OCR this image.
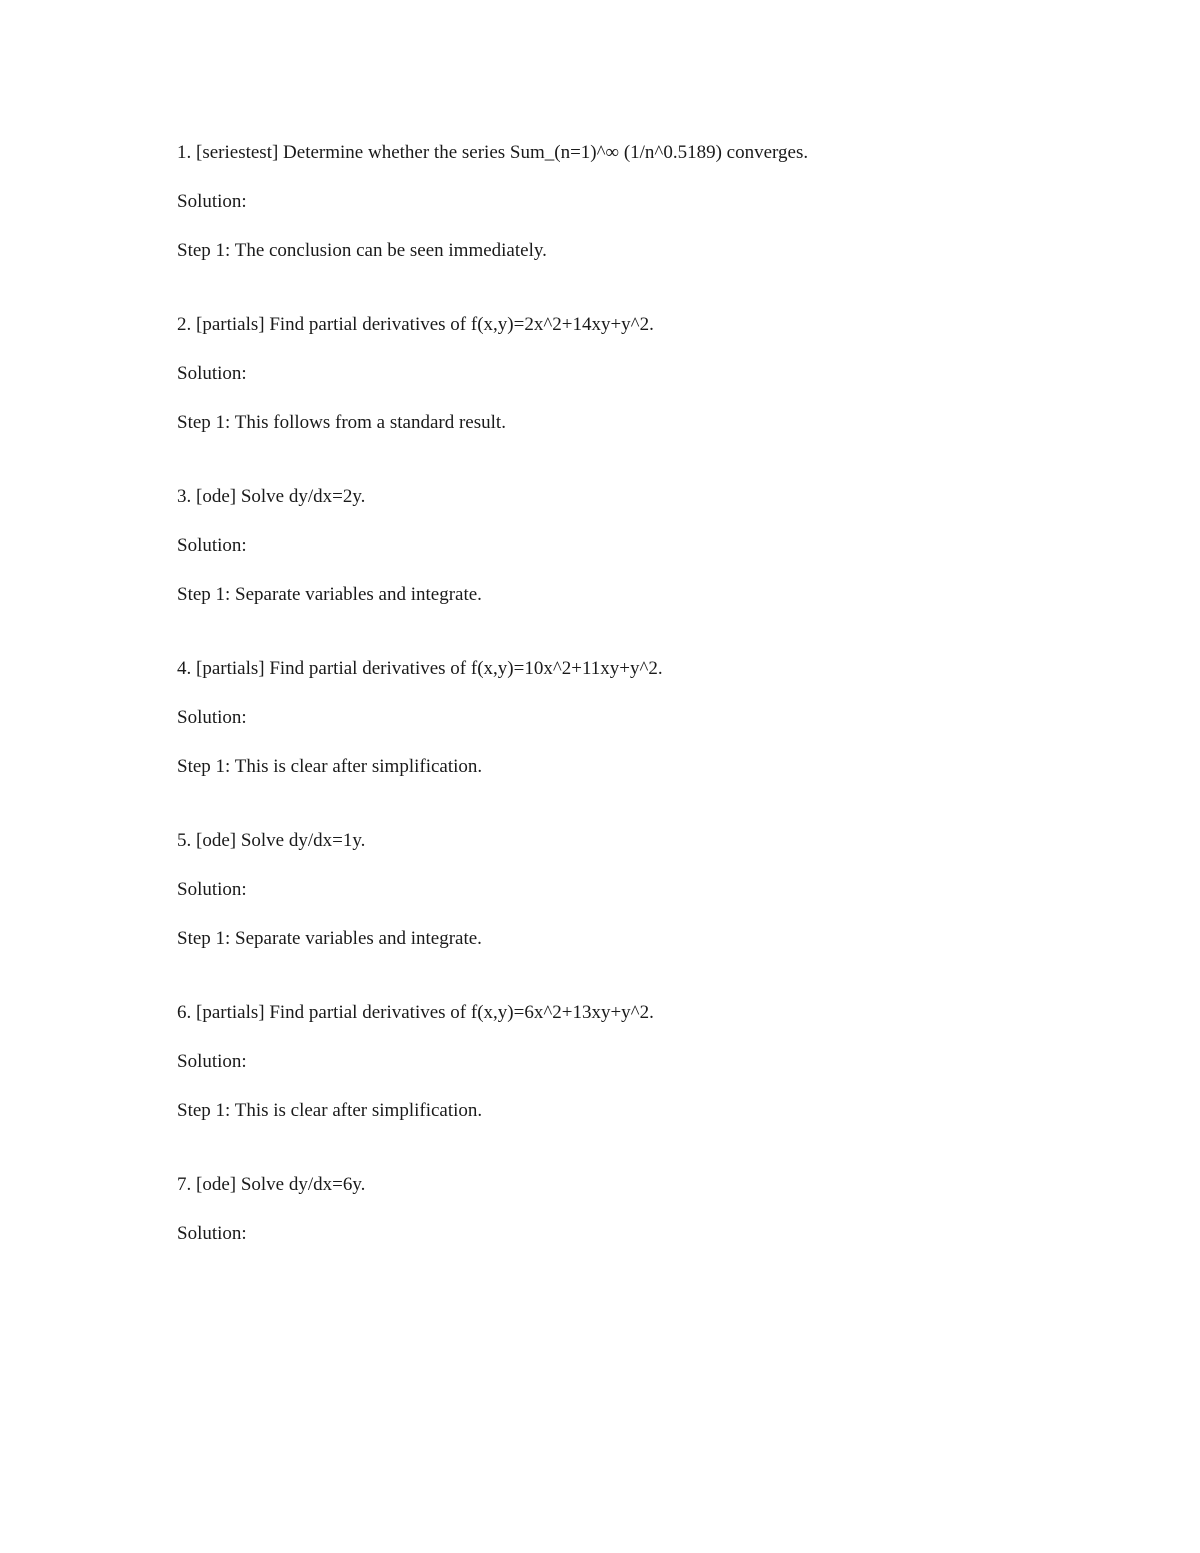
1. [seriestest] Determine whether the series Sum_(n=1)^∞ (1/n^0.5189) converges.
Solution:
Step 1: The conclusion can be seen immediately.
2. [partials] Find partial derivatives of f(x,y)=2x^2+14xy+y^2.
Solution:
Step 1: This follows from a standard result.
3. [ode] Solve dy/dx=2y.
Solution:
Step 1: Separate variables and integrate.
4. [partials] Find partial derivatives of f(x,y)=10x^2+11xy+y^2.
Solution:
Step 1: This is clear after simplification.
5. [ode] Solve dy/dx=1y.
Solution:
Step 1: Separate variables and integrate.
6. [partials] Find partial derivatives of f(x,y)=6x^2+13xy+y^2.
Solution:
Step 1: This is clear after simplification.
7. [ode] Solve dy/dx=6y.
Solution:
